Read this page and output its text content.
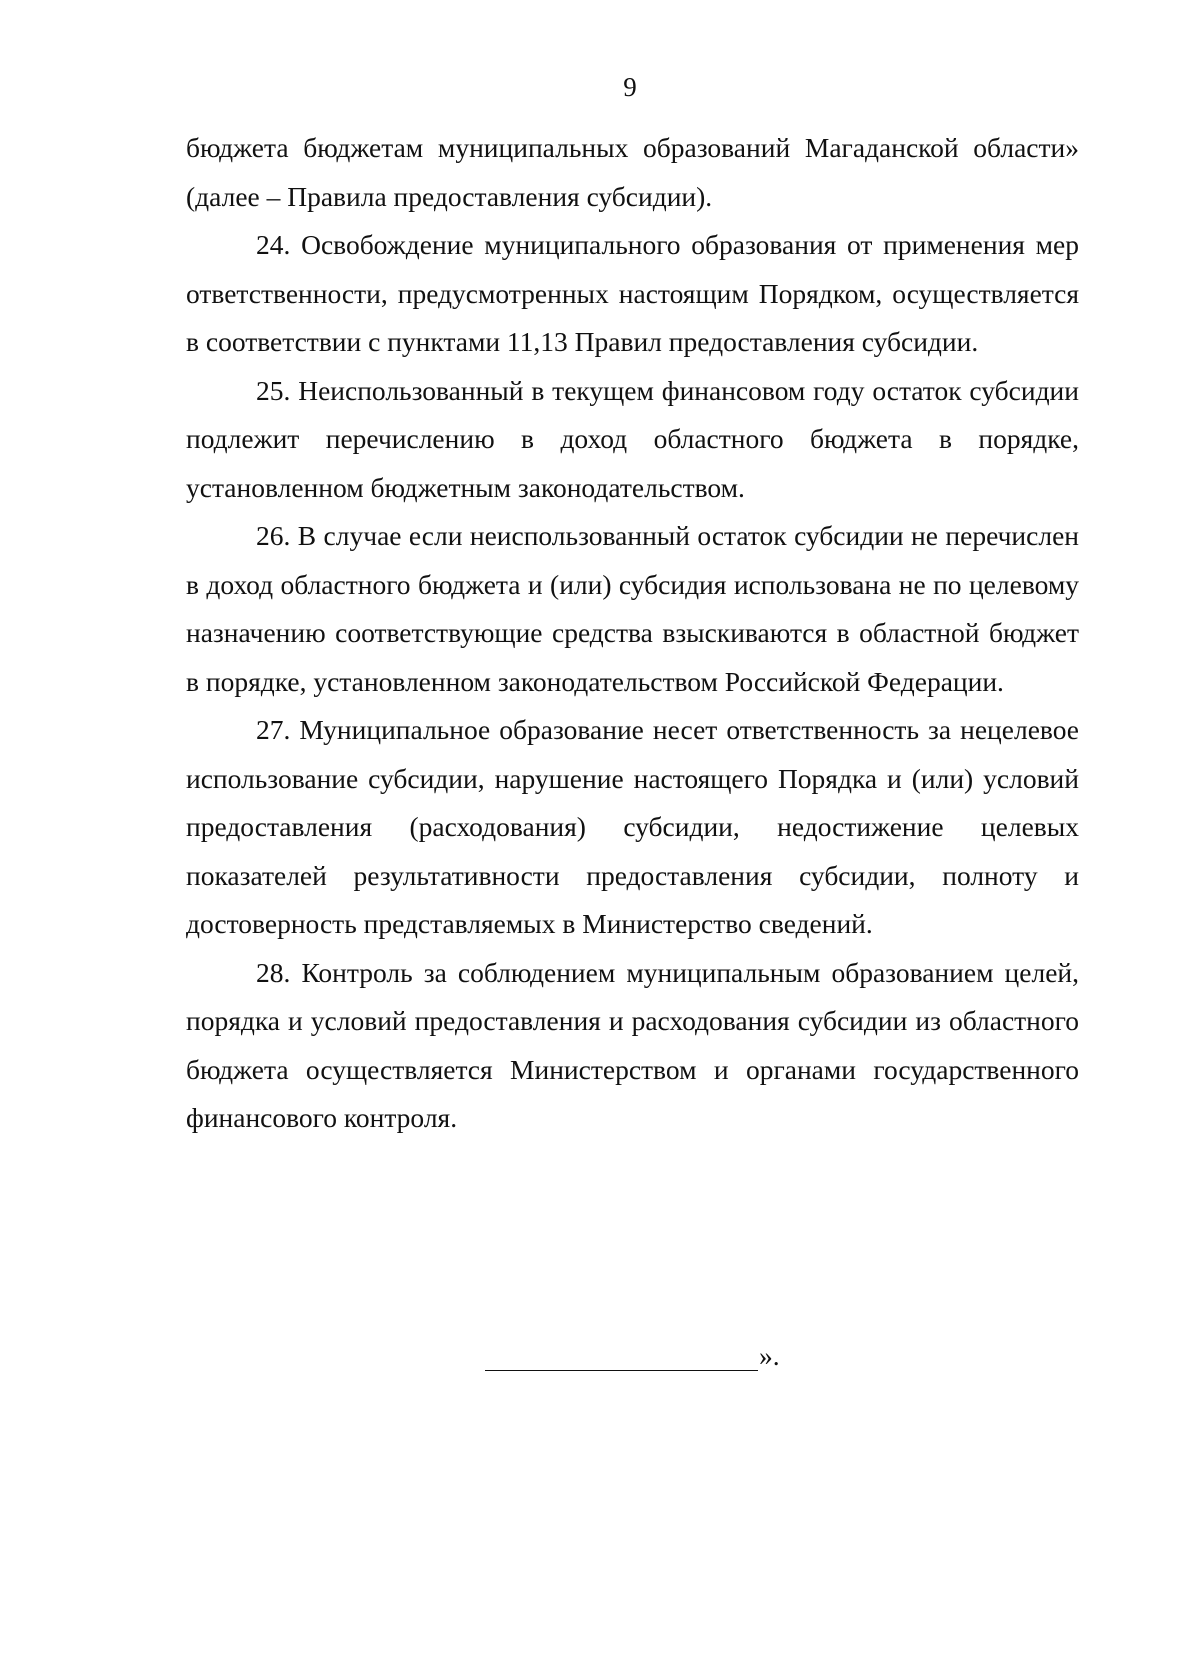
9

бюджета бюджетам муниципальных образований Магаданской области» (далее – Правила предоставления субсидии).

24. Освобождение муниципального образования от применения мер ответственности, предусмотренных настоящим Порядком, осуществляется в соответствии с пунктами 11,13 Правил предоставления субсидии.

25. Неиспользованный в текущем финансовом году остаток субсидии подлежит перечислению в доход областного бюджета в порядке, установленном бюджетным законодательством.

26. В случае если неиспользованный остаток субсидии не перечислен в доход областного бюджета и (или) субсидия использована не по целевому назначению соответствующие средства взыскиваются в областной бюджет в порядке, установленном законодательством Российской Федерации.

27. Муниципальное образование несет ответственность за нецелевое использование субсидии, нарушение настоящего Порядка и (или) условий предоставления (расходования) субсидии, недостижение целевых показателей результативности предоставления субсидии, полноту и достоверность представляемых в Министерство сведений.

28. Контроль за соблюдением муниципальным образованием целей, порядка и условий предоставления и расходования субсидии из областного бюджета осуществляется Министерством и органами государственного финансового контроля.

».
